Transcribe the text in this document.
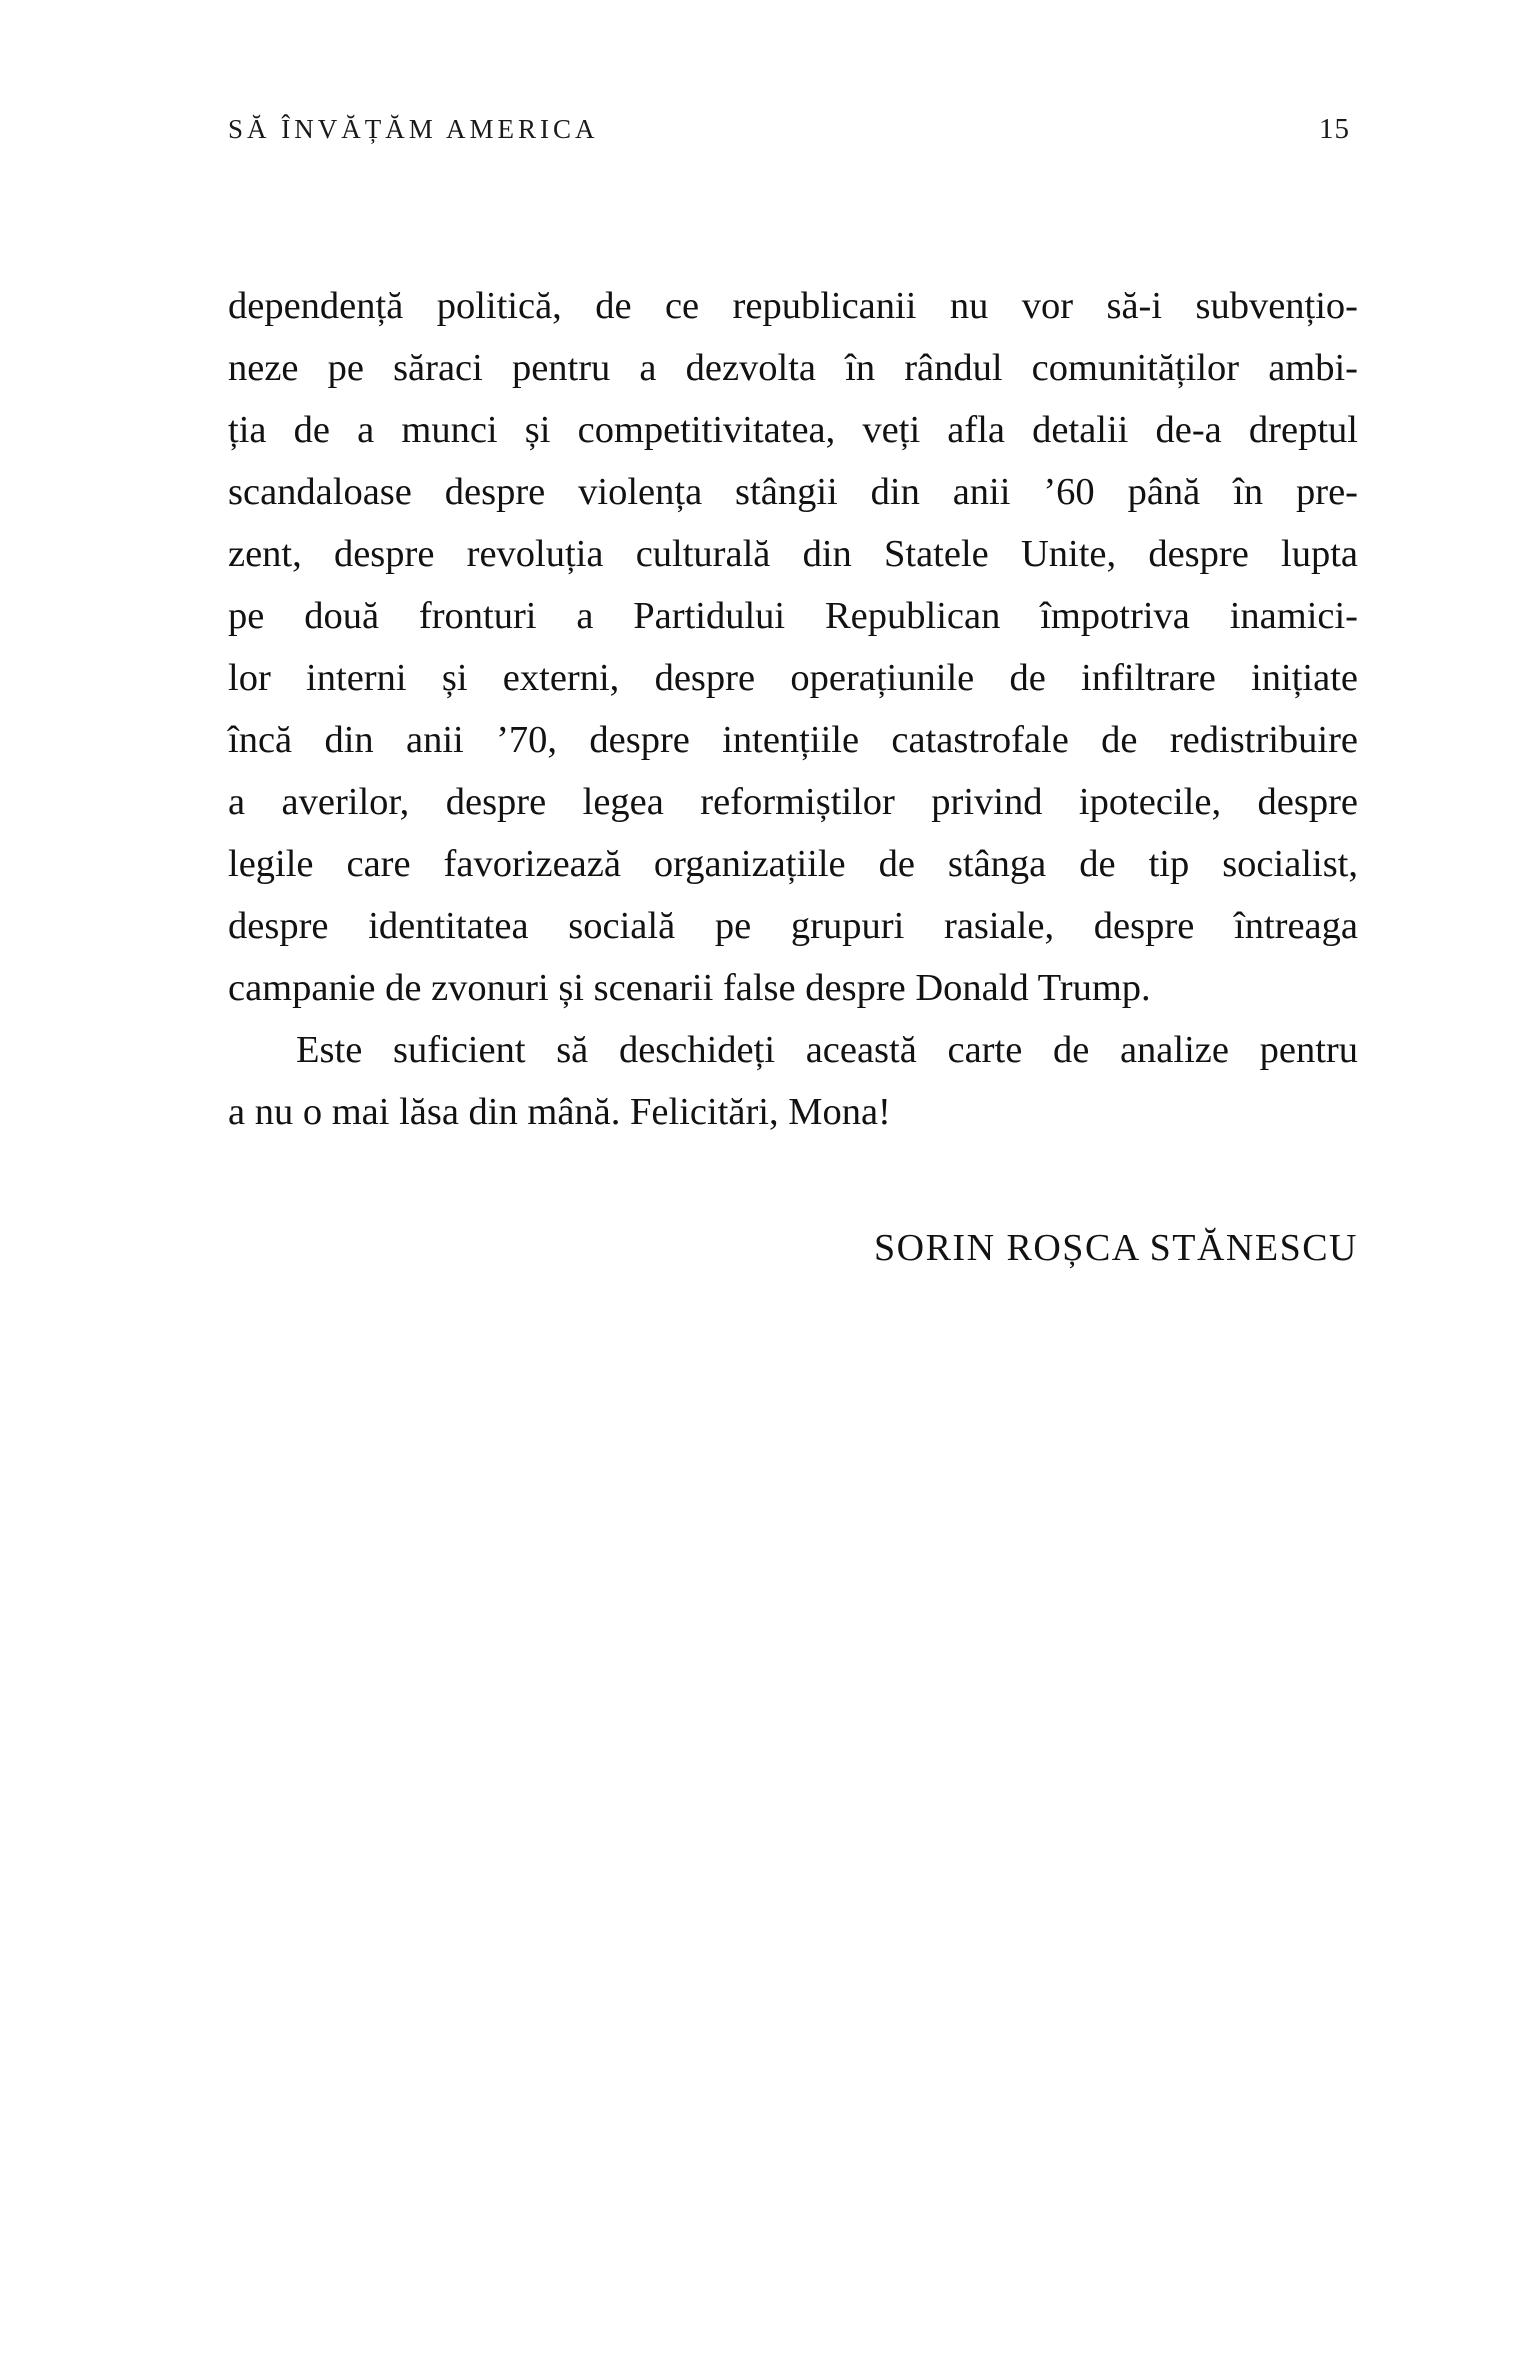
SĂ ÎNVĂȚĂM AMERICA	15
dependență politică, de ce republicanii nu vor să-i subvențio-
neze pe săraci pentru a dezvolta în rândul comunităților ambi-
ția de a munci și competitivitatea, veți afla detalii de-a dreptul
scandaloase despre violența stângii din anii ’60 până în pre-
zent, despre revoluția culturală din Statele Unite, despre lupta
pe două fronturi a Partidului Republican împotriva inamici-
lor interni și externi, despre operațiunile de infiltrare inițiate
încă din anii ’70, despre intențiile catastrofale de redistribuire
a averilor, despre legea reformiștilor privind ipotecile, despre
legile care favorizează organizațiile de stânga de tip socialist,
despre identitatea socială pe grupuri rasiale, despre întreaga
campanie de zvonuri și scenarii false despre Donald Trump.
Este suficient să deschideți această carte de analize pentru
a nu o mai lăsa din mână. Felicitări, Mona!
SORIN ROȘCA STĂNESCU
